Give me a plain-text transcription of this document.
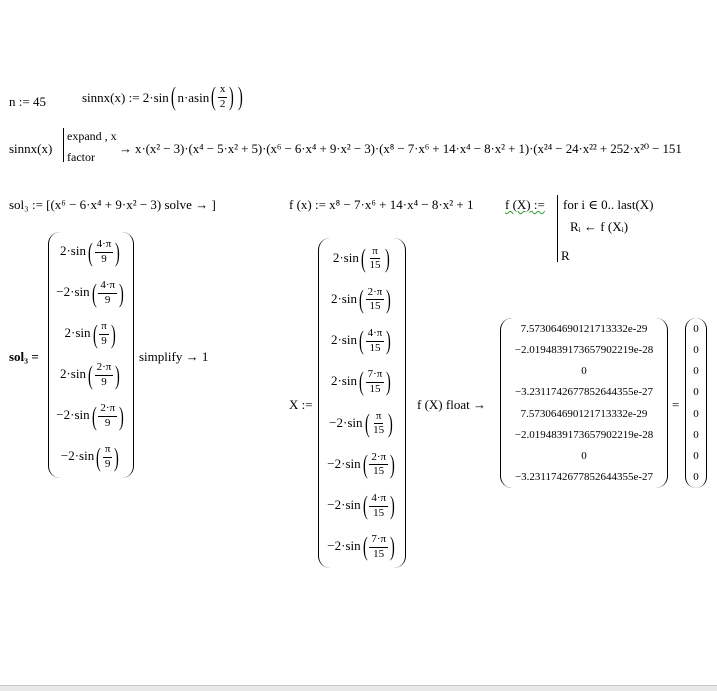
n := 45	sinnx(x) := 2·sin ( n·asin ( $\frac{x}{2}$
)
)
sinnx(x)
expand , x
factor
→ x·(x² − 3)·(x⁴ − 5·x² + 5)·(x⁶ − 6·x⁴ + 9·x² − 3)·(x⁸ − 7·x⁶ + 14·x⁴ − 8·x² + 1)·(x²⁴ − 24·x²² + 252·x²⁰ − 151
sol₃ := [(x⁶ − 6·x⁴ + 9·x² − 3) solve → ]	f (x) := x⁸ − 7·x⁶ + 14·x⁴ − 8·x² + 1 f (X) := for i ∈ 0.. last(X)
Rᵢ ← f (Xᵢ)
R
sol₃ =
2·sin ( $\frac{4\cdot\pi}{9}$
)
−2·sin ( $\frac{4\cdot\pi}{9}$
)
2·sin ( $\frac{\pi}{9}$
)
2·sin ( $\frac{2\cdot\pi}{9}$
)
−2·sin ( $\frac{2\cdot\pi}{9}$
)
−2·sin ( $\frac{\pi}{9}$
)
simplify → 1
X :=
2·sin ( $\frac{\pi}{15}$
)
2·sin ( $\frac{2\cdot\pi}{15}$
)
2·sin ( $\frac{4\cdot\pi}{15}$
)
2·sin ( $\frac{7\cdot\pi}{15}$
)
−2·sin ( $\frac{\pi}{15}$
)
−2·sin ( $\frac{2\cdot\pi}{15}$
)
−2·sin ( $\frac{4\cdot\pi}{15}$
)
−2·sin ( $\frac{7\cdot\pi}{15}$
)
f (X) float →
7.573064690121713332e-29
−2.0194839173657902219e-28
0
−3.2311742677852644355e-27
7.573064690121713332e-29
−2.0194839173657902219e-28
0
−3.2311742677852644355e-27
=
0
0
0
0
0
0
0
0
